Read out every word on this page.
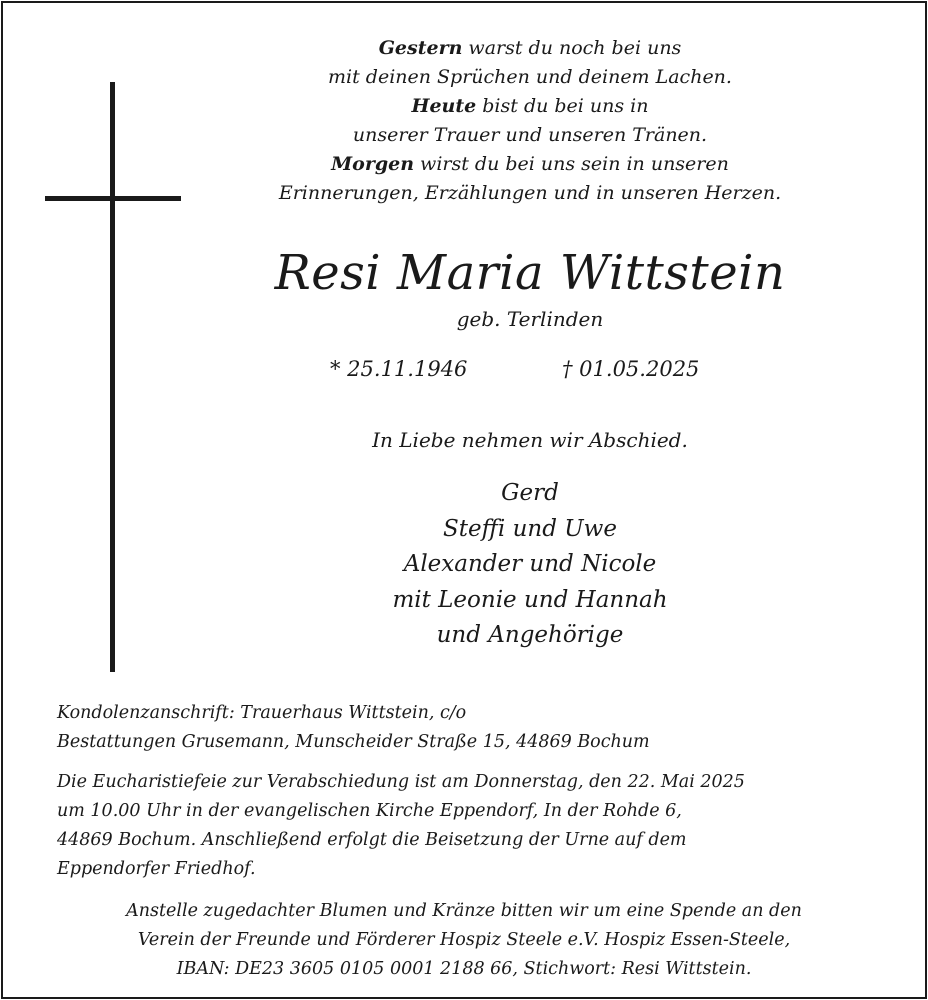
Gestern warst du noch bei uns
mit deinen Sprüchen und deinem Lachen.
Heute bist du bei uns in
unserer Trauer und unseren Tränen.
Morgen wirst du bei uns sein in unseren
Erinnerungen, Erzählungen und in unseren Herzen.
Resi Maria Wittstein
geb. Terlinden
* 25.11.1946	† 01.05.2025
In Liebe nehmen wir Abschied.
Gerd
Steffi und Uwe
Alexander und Nicole
mit Leonie und Hannah
und Angehörige
Kondolenzanschrift: Trauerhaus Wittstein, c/o
Bestattungen Grusemann, Munscheider Straße 15, 44869 Bochum
Die Eucharistiefeie zur Verabschiedung ist am Donnerstag, den 22. Mai 2025
um 10.00 Uhr in der evangelischen Kirche Eppendorf, In der Rohde 6,
44869 Bochum. Anschließend erfolgt die Beisetzung der Urne auf dem
Eppendorfer Friedhof.
Anstelle zugedachter Blumen und Kränze bitten wir um eine Spende an den
Verein der Freunde und Förderer Hospiz Steele e.V. Hospiz Essen-Steele,
IBAN: DE23 3605 0105 0001 2188 66, Stichwort: Resi Wittstein.
